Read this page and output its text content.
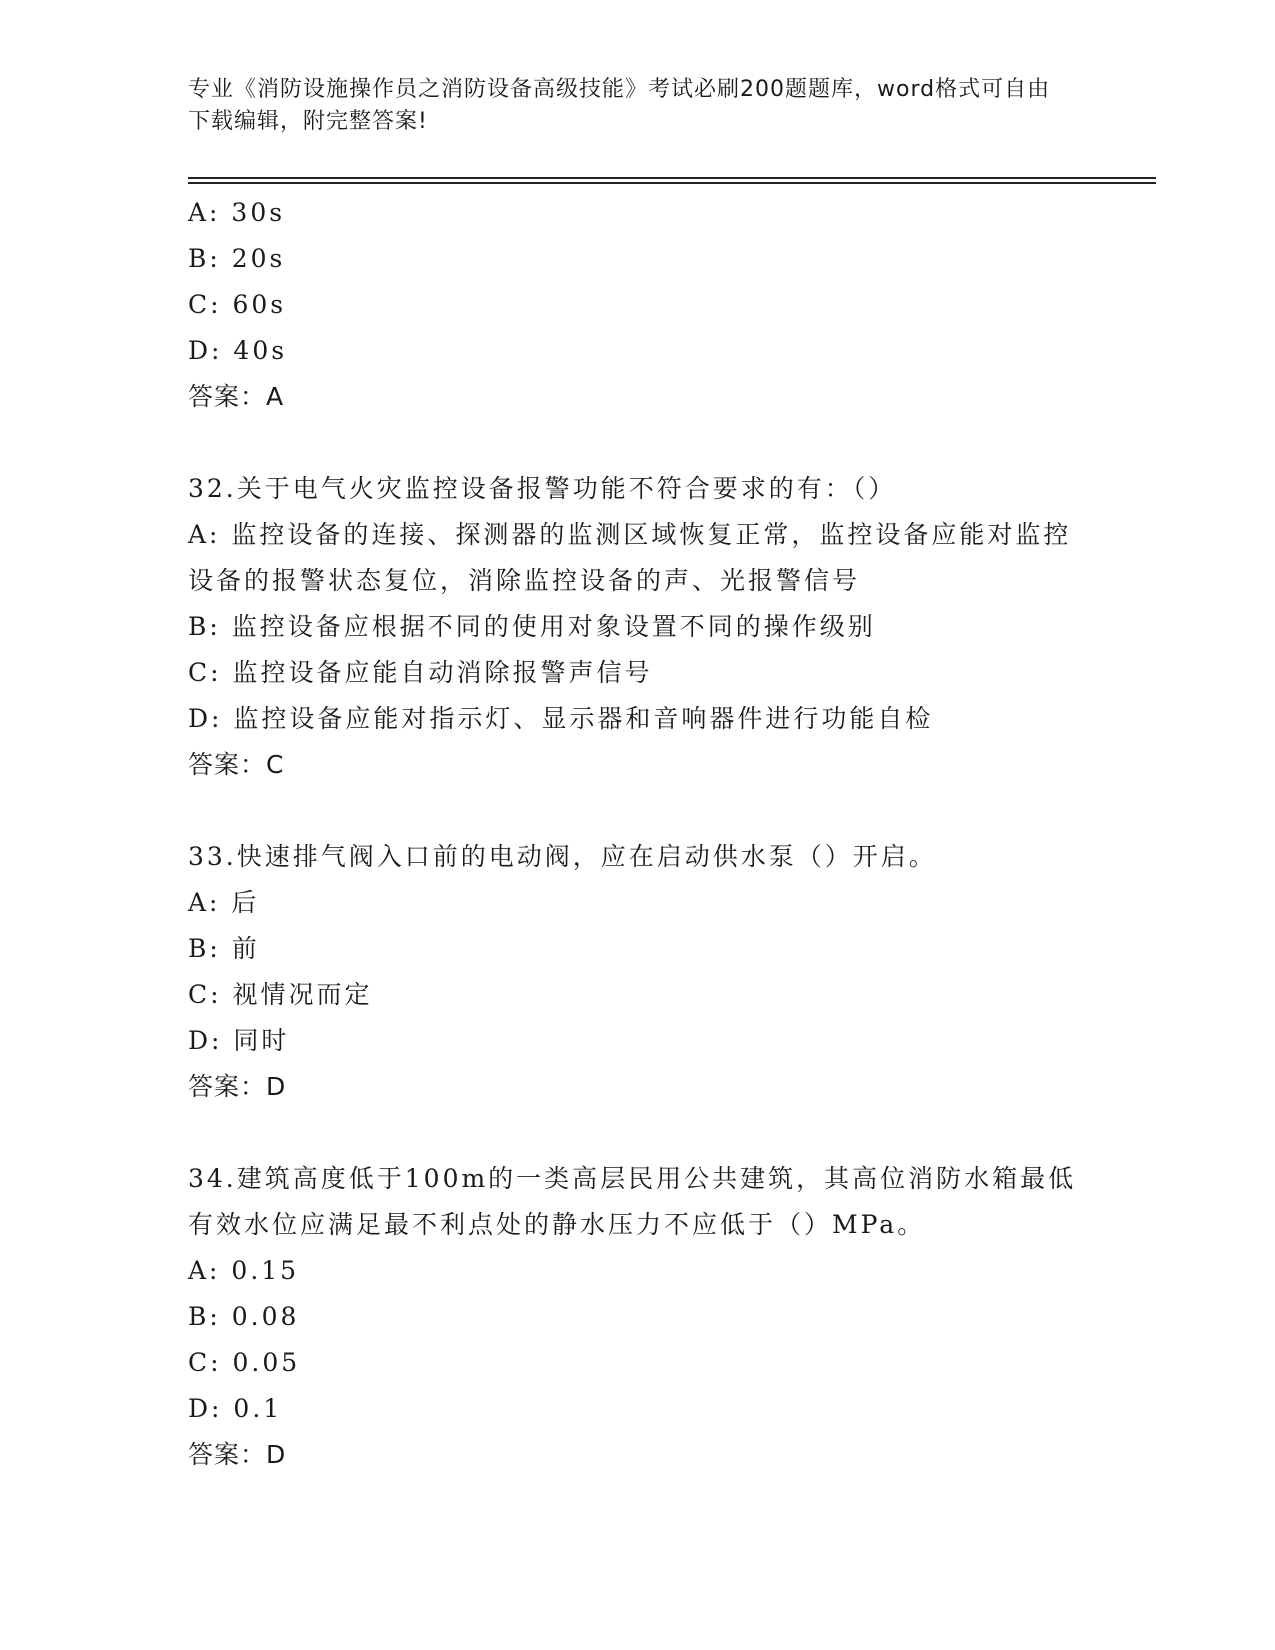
专业《消防设施操作员之消防设备高级技能》考试必刷200题题库，word格式可自由下载编辑，附完整答案!
A: 30s
B: 20s
C: 60s
D: 40s
答案：A
32.关于电气火灾监控设备报警功能不符合要求的有：（）
A: 监控设备的连接、探测器的监测区域恢复正常，监控设备应能对监控设备的报警状态复位，消除监控设备的声、光报警信号
B: 监控设备应根据不同的使用对象设置不同的操作级别
C: 监控设备应能自动消除报警声信号
D: 监控设备应能对指示灯、显示器和音响器件进行功能自检
答案：C
33.快速排气阀入口前的电动阀，应在启动供水泵（）开启。
A: 后
B: 前
C: 视情况而定
D: 同时
答案：D
34.建筑高度低于100m的一类高层民用公共建筑，其高位消防水箱最低有效水位应满足最不利点处的静水压力不应低于（）MPa。
A: 0.15
B: 0.08
C: 0.05
D: 0.1
答案：D
